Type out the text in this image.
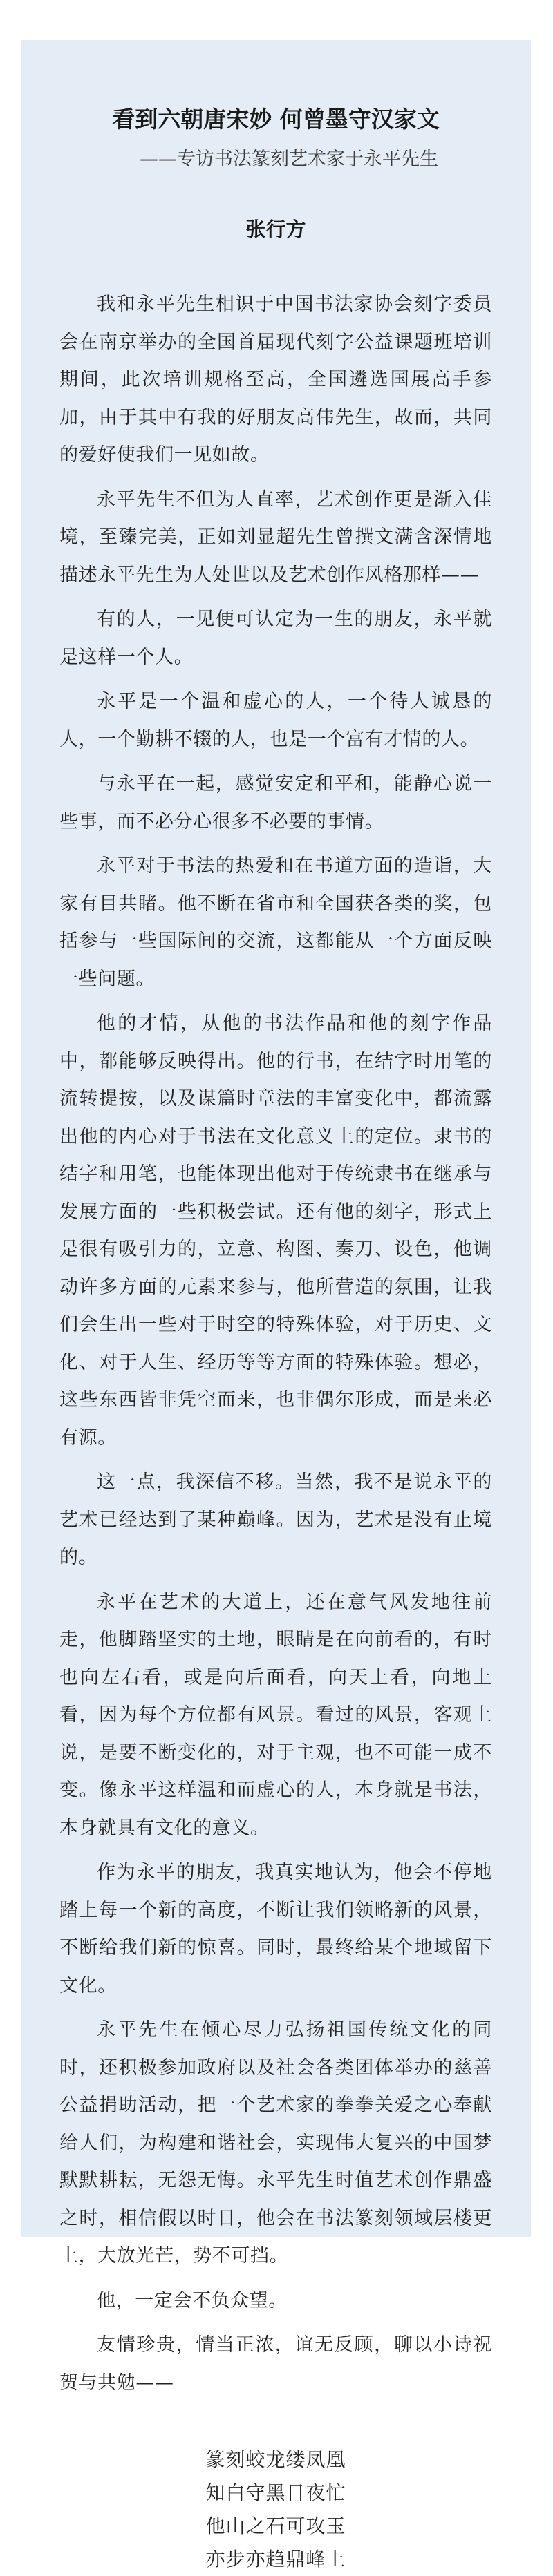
看到六朝唐宋妙 何曾墨守汉家文

——专访书法篆刻艺术家于永平先生

张行方

我和永平先生相识于中国书法家协会刻字委员会在南京举办的全国首届现代刻字公益课题班培训期间，此次培训规格至高，全国遴选国展高手参加，由于其中有我的好朋友高伟先生，故而，共同的爱好使我们一见如故。

永平先生不但为人直率，艺术创作更是渐入佳境，至臻完美，正如刘显超先生曾撰文满含深情地描述永平先生为人处世以及艺术创作风格那样——

有的人，一见便可认定为一生的朋友，永平就是这样一个人。

永平是一个温和虚心的人，一个待人诚恳的人，一个勤耕不辍的人，也是一个富有才情的人。

与永平在一起，感觉安定和平和，能静心说一些事，而不必分心很多不必要的事情。

永平对于书法的热爱和在书道方面的造诣，大家有目共睹。他不断在省市和全国获各类的奖，包括参与一些国际间的交流，这都能从一个方面反映一些问题。

他的才情，从他的书法作品和他的刻字作品中，都能够反映得出。他的行书，在结字时用笔的流转提按，以及谋篇时章法的丰富变化中，都流露出他的内心对于书法在文化意义上的定位。隶书的结字和用笔，也能体现出他对于传统隶书在继承与发展方面的一些积极尝试。还有他的刻字，形式上是很有吸引力的，立意、构图、奏刀、设色，他调动许多方面的元素来参与，他所营造的氛围，让我们会生出一些对于时空的特殊体验，对于历史、文化、对于人生、经历等等方面的特殊体验。想必，这些东西皆非凭空而来，也非偶尔形成，而是来必有源。

这一点，我深信不移。当然，我不是说永平的艺术已经达到了某种巅峰。因为，艺术是没有止境的。

永平在艺术的大道上，还在意气风发地往前走，他脚踏坚实的土地，眼睛是在向前看的，有时也向左右看，或是向后面看，向天上看，向地上看，因为每个方位都有风景。看过的风景，客观上说，是要不断变化的，对于主观，也不可能一成不变。像永平这样温和而虚心的人，本身就是书法，本身就具有文化的意义。

作为永平的朋友，我真实地认为，他会不停地踏上每一个新的高度，不断让我们领略新的风景，不断给我们新的惊喜。同时，最终给某个地域留下文化。

永平先生在倾心尽力弘扬祖国传统文化的同时，还积极参加政府以及社会各类团体举办的慈善公益捐助活动，把一个艺术家的拳拳关爱之心奉献给人们，为构建和谐社会，实现伟大复兴的中国梦默默耕耘，无怨无悔。永平先生时值艺术创作鼎盛之时，相信假以时日，他会在书法篆刻领域层楼更上，大放光芒，势不可挡。

他，一定会不负众望。

友情珍贵，情当正浓，谊无反顾，聊以小诗祝贺与共勉——

篆刻蛟龙缕凤凰
知白守黑日夜忙
他山之石可攻玉
亦步亦趋鼎峰上
